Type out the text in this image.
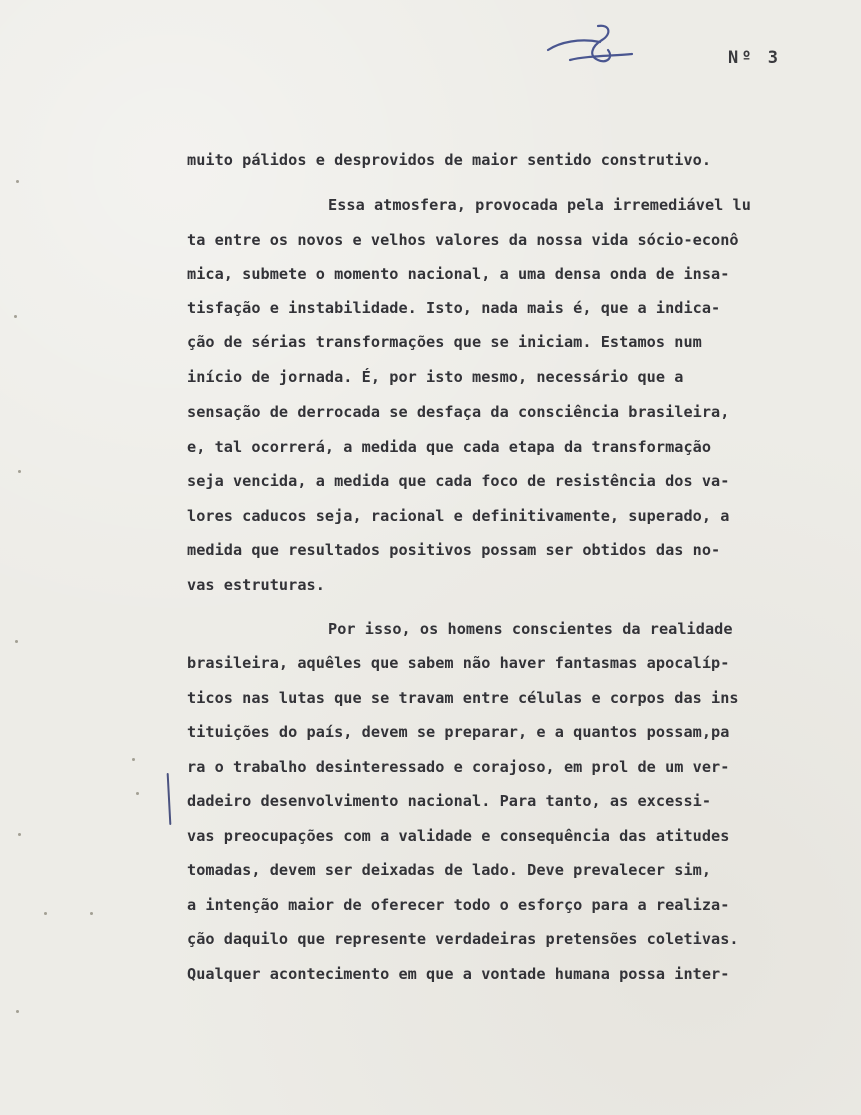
Nº 3
muito pálidos e desprovidos de maior sentido construtivo.
Essa atmosfera, provocada pela irremediável lu
ta entre os novos e velhos valores da nossa vida sócio-econô
mica, submete o momento nacional, a uma densa onda de insa-
tisfação e instabilidade. Isto, nada mais é, que a indica-
ção de sérias transformações que se iniciam. Estamos num
início de jornada. É, por isto mesmo, necessário que a
sensação de derrocada se desfaça da consciência brasileira,
e, tal ocorrerá, a medida que cada etapa da transformação
seja vencida, a medida que cada foco de resistência dos va-
lores caducos seja, racional e definitivamente, superado, a
medida que resultados positivos possam ser obtidos das no-
vas estruturas.
Por isso, os homens conscientes da realidade
brasileira, aquêles que sabem não haver fantasmas apocalíp-
ticos nas lutas que se travam entre células e corpos das ins
tituições do país, devem se preparar, e a quantos possam,pa
ra o trabalho desinteressado e corajoso, em prol de um ver-
dadeiro desenvolvimento nacional. Para tanto, as excessi-
vas preocupações com a validade e consequência das atitudes
tomadas, devem ser deixadas de lado. Deve prevalecer sim,
a intenção maior de oferecer todo o esforço para a realiza-
ção daquilo que represente verdadeiras pretensões coletivas.
Qualquer acontecimento em que a vontade humana possa inter-
